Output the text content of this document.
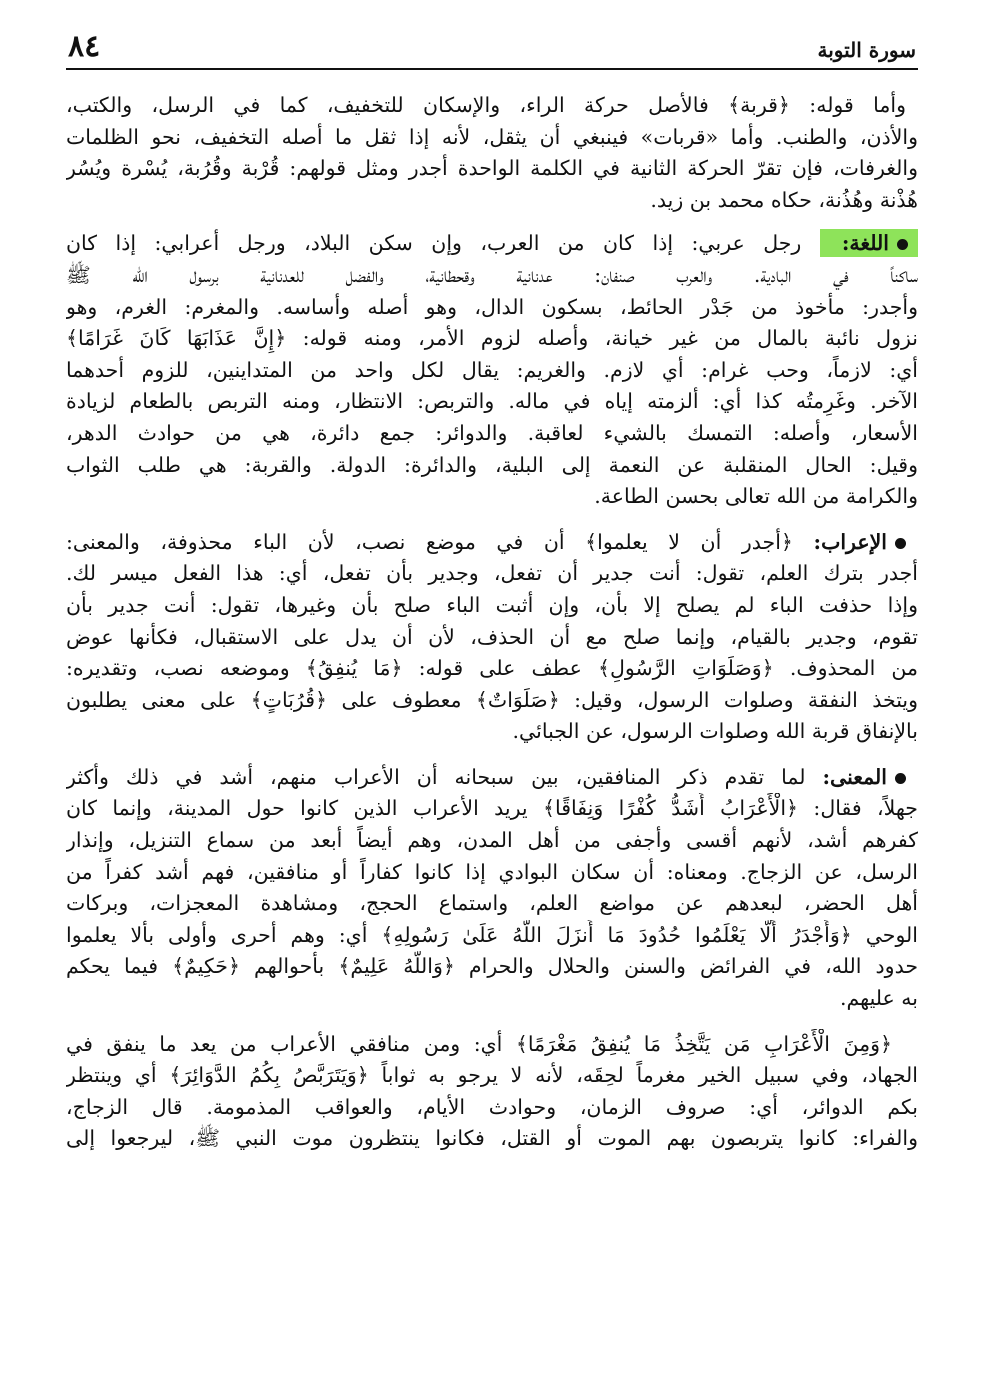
سورة التوبة
٨٤
وأما قوله: ﴿قربة﴾ فالأصل حركة الراء، والإسكان للتخفيف، كما في الرسل، والكتب،
والأذن، والطنب. وأما «قربات» فينبغي أن يثقل، لأنه إذا ثقل ما أصله التخفيف، نحو الظلمات
والغرفات، فإن تقرّ الحركة الثانية في الكلمة الواحدة أجدر ومثل قولهم: قُرْبة وقُرُبة، يُسْرة ويُسُر
هُذْنة وهُذُنة، حكاه محمد بن زيد.
اللغة: رجل عربي: إذا كان من العرب، وإن سكن البلاد، ورجل أعرابي: إذا كان
ساكناً في البادية. والعرب صنفان: عدنانية وقحطانية، والفضل للعدنانية برسول الله ﷺ
وأجدر: مأخوذ من جَدْر الحائط، بسكون الدال، وهو أصله وأساسه. والمغرم: الغرم، وهو
نزول نائبة بالمال من غير خيانة، وأصله لزوم الأمر، ومنه قوله: ﴿إِنَّ عَذَابَهَا كَانَ غَرَامًا﴾
أي: لازماً، وحب غرام: أي لازم. والغريم: يقال لكل واحد من المتداينين، للزوم أحدهما
الآخر. وغَرِمتُه كذا أي: ألزمته إياه في ماله. والتربص: الانتظار، ومنه التربص بالطعام لزيادة
الأسعار، وأصله: التمسك بالشيء لعاقبة. والدوائر: جمع دائرة، هي من حوادث الدهر،
وقيل: الحال المنقلبة عن النعمة إلى البلية، والدائرة: الدولة. والقربة: هي طلب الثواب
والكرامة من الله تعالى بحسن الطاعة.
الإعراب: ﴿أجدر أن لا يعلموا﴾ أن في موضع نصب، لأن الباء محذوفة، والمعنى:
أجدر بترك العلم، تقول: أنت جدير أن تفعل، وجدير بأن تفعل، أي: هذا الفعل ميسر لك.
وإذا حذفت الباء لم يصلح إلا بأن، وإن أثبت الباء صلح بأن وغيرها، تقول: أنت جدير بأن
تقوم، وجدير بالقيام، وإنما صلح مع أن الحذف، لأن أن يدل على الاستقبال، فكأنها عوض
من المحذوف. ﴿وَصَلَوَاتِ الرَّسُولِ﴾ عطف على قوله: ﴿مَا يُنفِقُ﴾ وموضعه نصب، وتقديره:
ويتخذ النفقة وصلوات الرسول، وقيل: ﴿صَلَوَاتٌ﴾ معطوف على ﴿قُرُبَاتٍ﴾ على معنى يطلبون
بالإنفاق قربة الله وصلوات الرسول، عن الجبائي.
المعنى: لما تقدم ذكر المنافقين، بين سبحانه أن الأعراب منهم، أشد في ذلك وأكثر
جهلاً، فقال: ﴿الْأَعْرَابُ أَشَدُّ كُفْرًا وَنِفَاقًا﴾ يريد الأعراب الذين كانوا حول المدينة، وإنما كان
كفرهم أشد، لأنهم أقسى وأجفى من أهل المدن، وهم أيضاً أبعد من سماع التنزيل، وإنذار
الرسل، عن الزجاج. ومعناه: أن سكان البوادي إذا كانوا كفاراً أو منافقين، فهم أشد كفراً من
أهل الحضر، لبعدهم عن مواضع العلم، واستماع الحجج، ومشاهدة المعجزات، وبركات
الوحي ﴿وَأَجْدَرُ أَلَّا يَعْلَمُوا حُدُودَ مَا أَنزَلَ اللَّهُ عَلَىٰ رَسُولِهِ﴾ أي: وهم أحرى وأولى بألا يعلموا
حدود الله، في الفرائض والسنن والحلال والحرام ﴿وَاللَّهُ عَلِيمٌ﴾ بأحوالهم ﴿حَكِيمٌ﴾ فيما يحكم
به عليهم.
﴿وَمِنَ الْأَعْرَابِ مَن يَتَّخِذُ مَا يُنفِقُ مَغْرَمًا﴾ أي: ومن منافقي الأعراب من يعد ما ينفق في
الجهاد، وفي سبيل الخير مغرماً لحِقَه، لأنه لا يرجو به ثواباً ﴿وَيَتَرَبَّصُ بِكُمُ الدَّوَائِرَ﴾ أي وينتظر
بكم الدوائر، أي: صروف الزمان، وحوادث الأيام، والعواقب المذمومة. قال الزجاج،
والفراء: كانوا يتربصون بهم الموت أو القتل، فكانوا ينتظرون موت النبي ﷺ، ليرجعوا إلى
